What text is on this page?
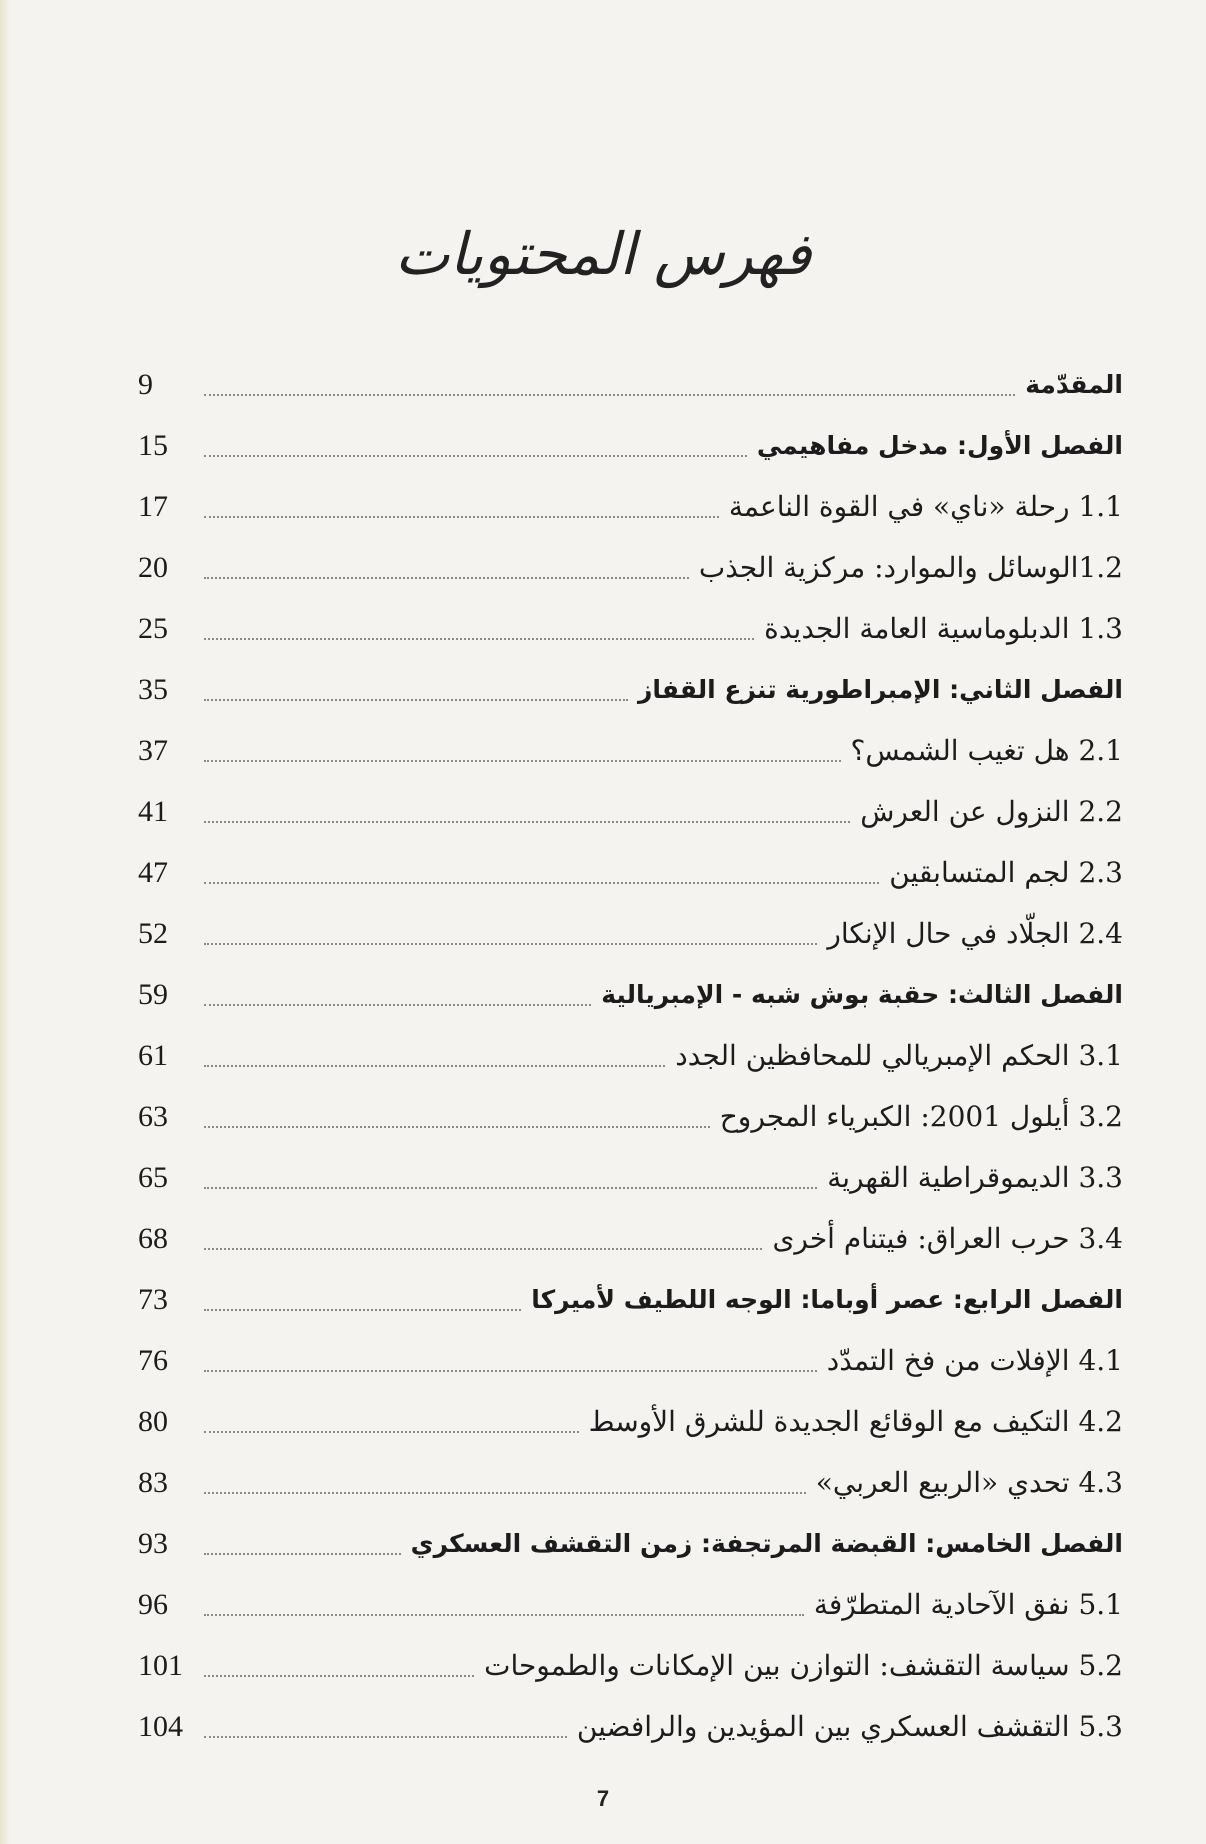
فهرس المحتويات
المقدّمة
9
الفصل الأول: مدخل مفاهيمي
15
1.1 رحلة «ناي» في القوة الناعمة
17
1.2الوسائل والموارد: مركزية الجذب
20
1.3 الدبلوماسية العامة الجديدة
25
الفصل الثاني: الإمبراطورية تنزع القفاز
35
2.1 هل تغيب الشمس؟
37
2.2 النزول عن العرش
41
2.3 لجم المتسابقين
47
2.4 الجلّاد في حال الإنكار
52
الفصل الثالث: حقبة بوش شبه - الإمبريالية
59
3.1 الحكم الإمبريالي للمحافظين الجدد
61
3.2 أيلول 2001: الكبرياء المجروح
63
3.3 الديموقراطية القهرية
65
3.4 حرب العراق: فيتنام أخرى
68
الفصل الرابع: عصر أوباما: الوجه اللطيف لأميركا
73
4.1 الإفلات من فخ التمدّد
76
4.2 التكيف مع الوقائع الجديدة للشرق الأوسط
80
4.3 تحدي «الربيع العربي»
83
الفصل الخامس: القبضة المرتجفة: زمن التقشف العسكري
93
5.1 نفق الآحادية المتطرّفة
96
5.2 سياسة التقشف: التوازن بين الإمكانات والطموحات
101
5.3 التقشف العسكري بين المؤيدين والرافضين
104
7
